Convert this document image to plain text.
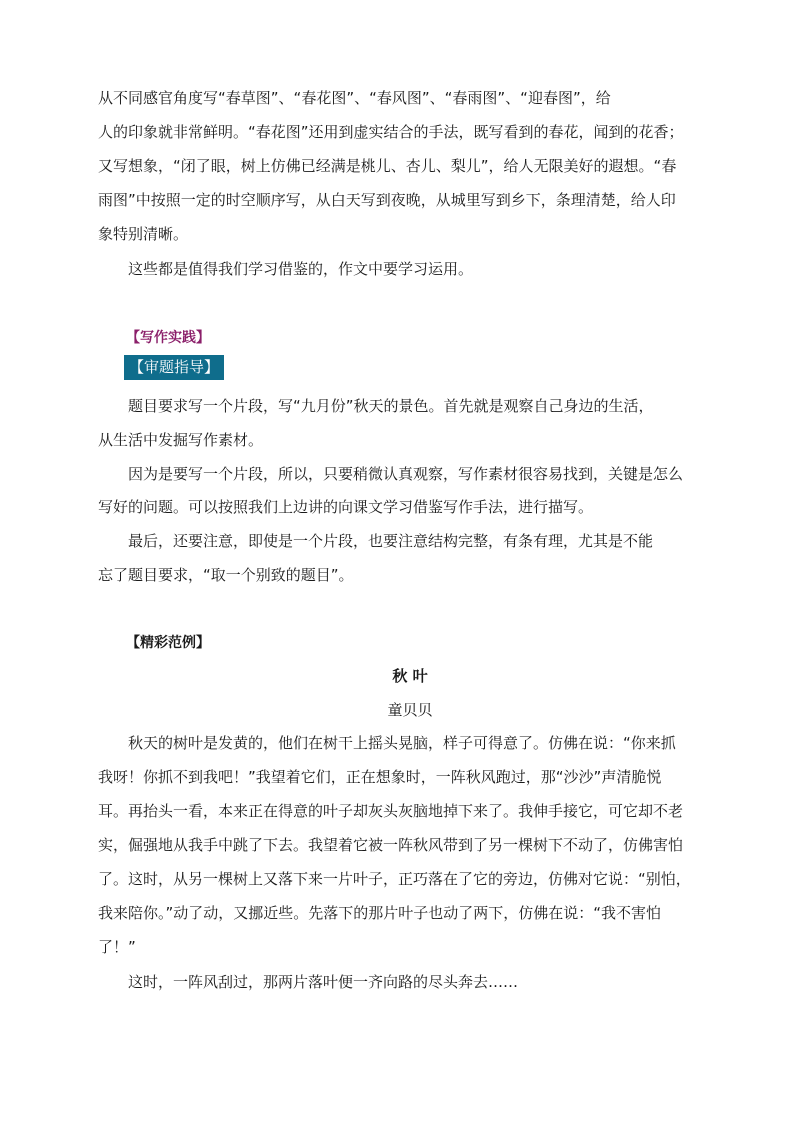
从不同感官角度写“春草图”、“春花图”、“春风图”、“春雨图”、“迎春图”，给
人的印象就非常鲜明。“春花图”还用到虚实结合的手法，既写看到的春花，闻到的花香；
又写想象，“闭了眼，树上仿佛已经满是桃儿、杏儿、梨儿”，给人无限美好的遐想。“春
雨图”中按照一定的时空顺序写，从白天写到夜晚，从城里写到乡下，条理清楚，给人印
象特别清晰。
这些都是值得我们学习借鉴的，作文中要学习运用。
【写作实践】
【审题指导】
题目要求写一个片段，写“九月份”秋天的景色。首先就是观察自己身边的生活，
从生活中发掘写作素材。
因为是要写一个片段，所以，只要稍微认真观察，写作素材很容易找到，关键是怎么
写好的问题。可以按照我们上边讲的向课文学习借鉴写作手法，进行描写。
最后，还要注意，即使是一个片段，也要注意结构完整，有条有理，尤其是不能
忘了题目要求，“取一个别致的题目”。
【精彩范例】
秋 叶
童贝贝
秋天的树叶是发黄的，他们在树干上摇头晃脑，样子可得意了。仿佛在说：“你来抓
我呀！你抓不到我吧！”我望着它们，正在想象时，一阵秋风跑过，那“沙沙”声清脆悦
耳。再抬头一看，本来正在得意的叶子却灰头灰脑地掉下来了。我伸手接它，可它却不老
实，倔强地从我手中跳了下去。我望着它被一阵秋风带到了另一棵树下不动了，仿佛害怕
了。这时，从另一棵树上又落下来一片叶子，正巧落在了它的旁边，仿佛对它说：“别怕，
我来陪你。”动了动，又挪近些。先落下的那片叶子也动了两下，仿佛在说：“我不害怕
了！”
这时，一阵风刮过，那两片落叶便一齐向路的尽头奔去……
